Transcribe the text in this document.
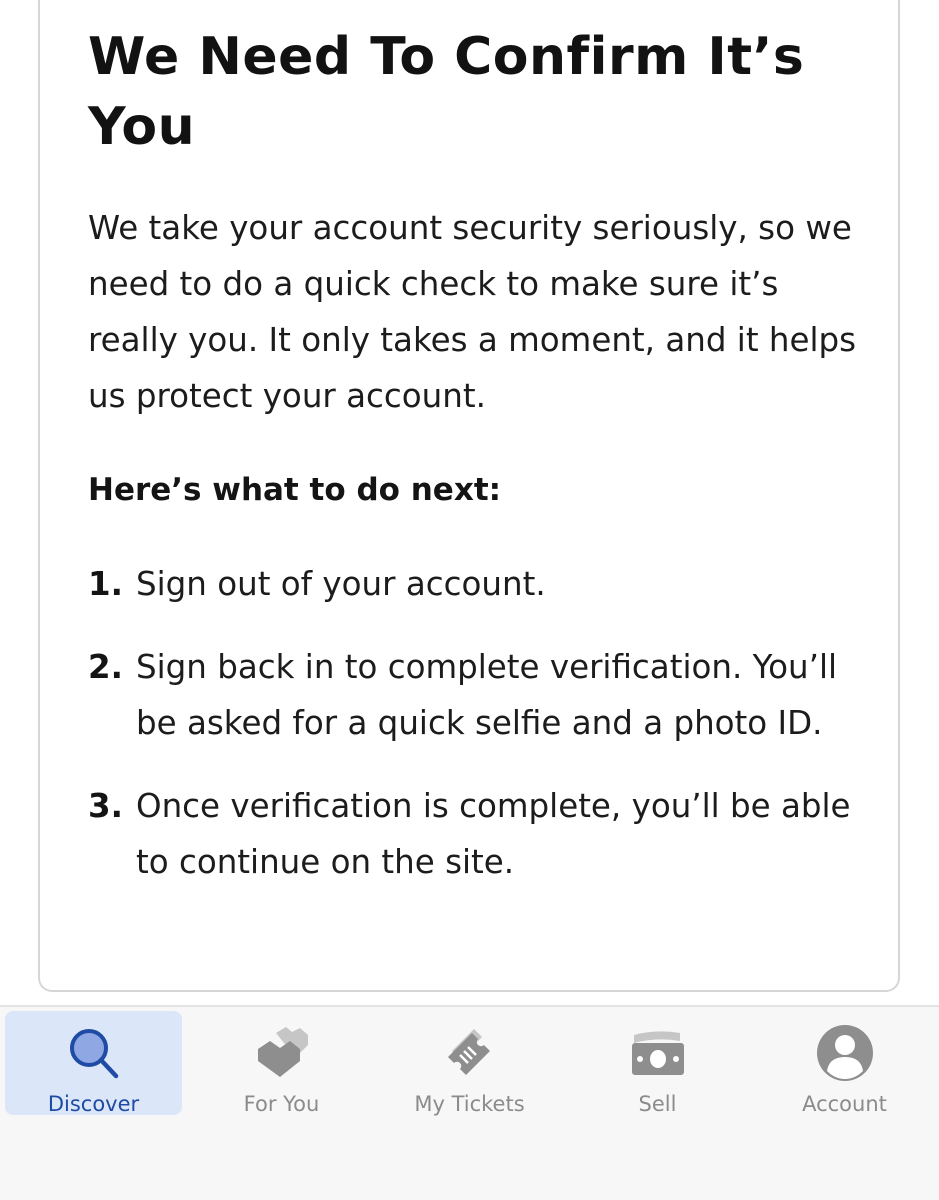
We Need To Confirm It’s You

We take your account security seriously, so we need to do a quick check to make sure it’s really you. It only takes a moment, and it helps us protect your account.

Here’s what to do next:

1. Sign out of your account.
2. Sign back in to complete verification. You’ll be asked for a quick selfie and a photo ID.
3. Once verification is complete, you’ll be able to continue on the site.
Discover	For You	My Tickets	Sell	Account
